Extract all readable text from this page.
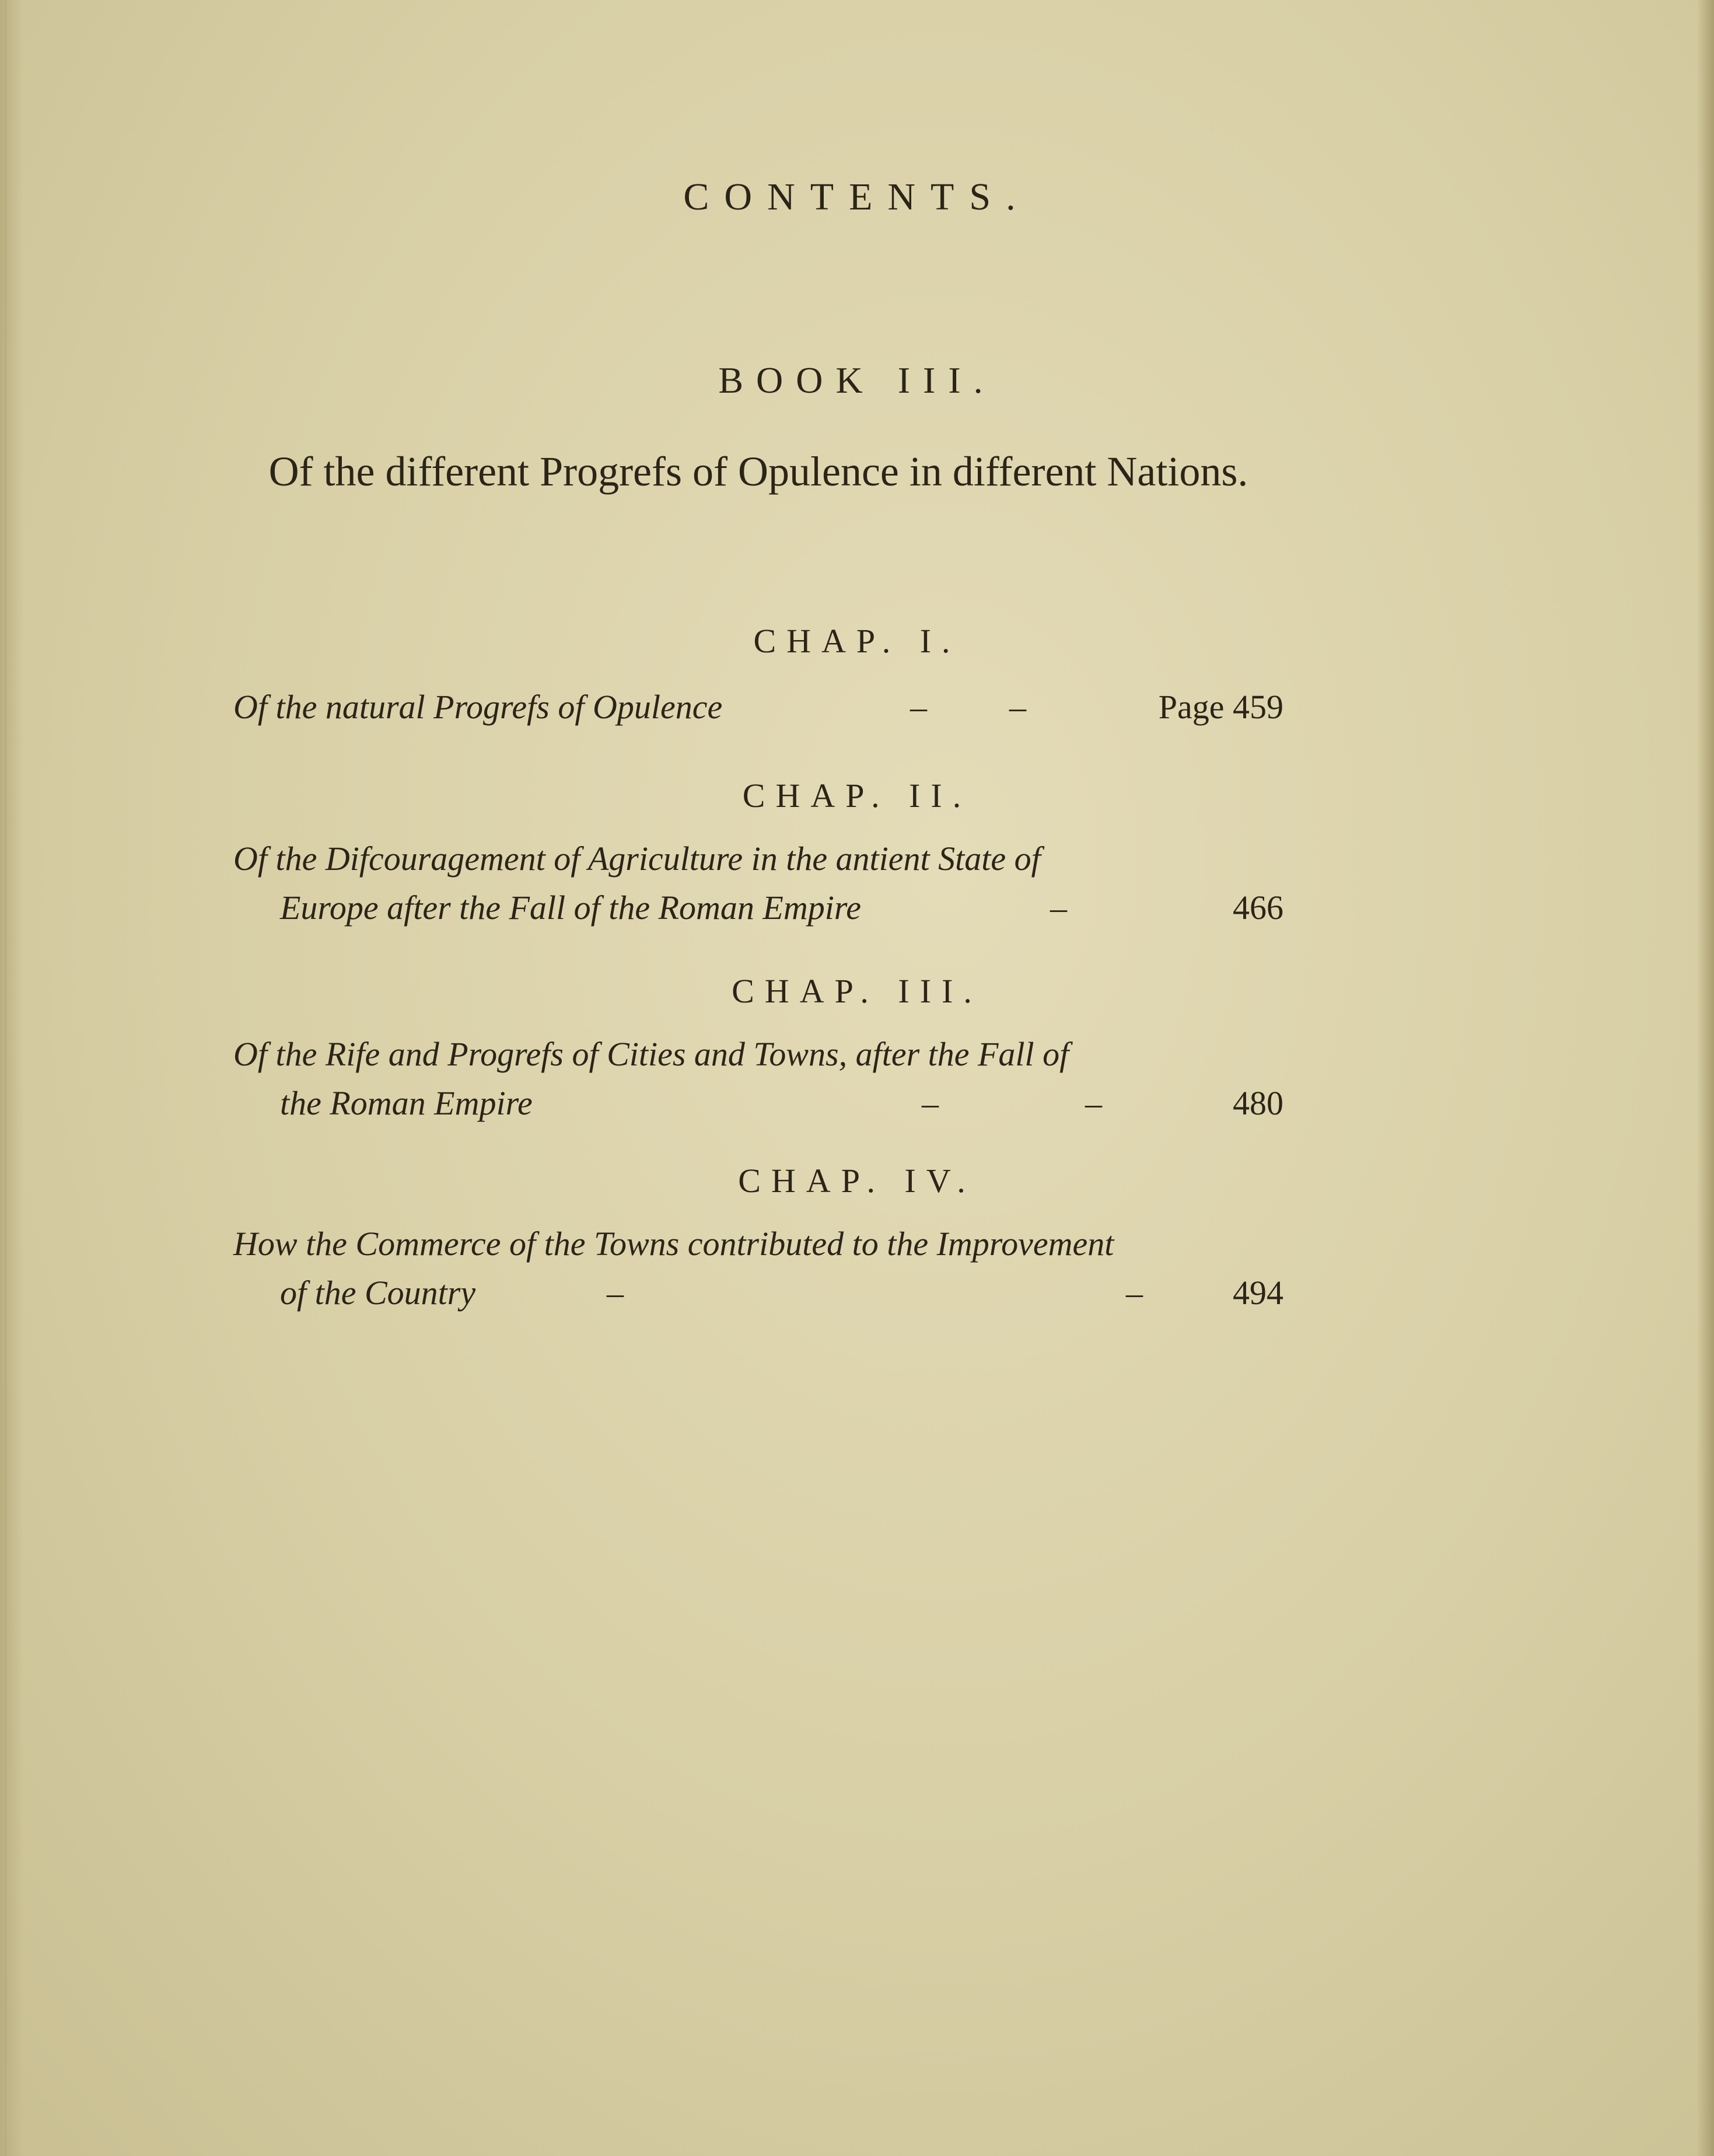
CONTENTS.
BOOK III.
Of the different Progrefs of Opulence in different Nations.
CHAP. I.
Of the natural Progrefs of Opulence	– –	Page 459
CHAP. II.
Of the Difcouragement of Agriculture in the antient State of
Europe after the Fall of the Roman Empire	–	466
CHAP. III.
Of the Rife and Progrefs of Cities and Towns, after the Fall of
the Roman Empire	–	–	480
CHAP. IV.
How the Commerce of the Towns contributed to the Improvement
of the Country	–	–	494
